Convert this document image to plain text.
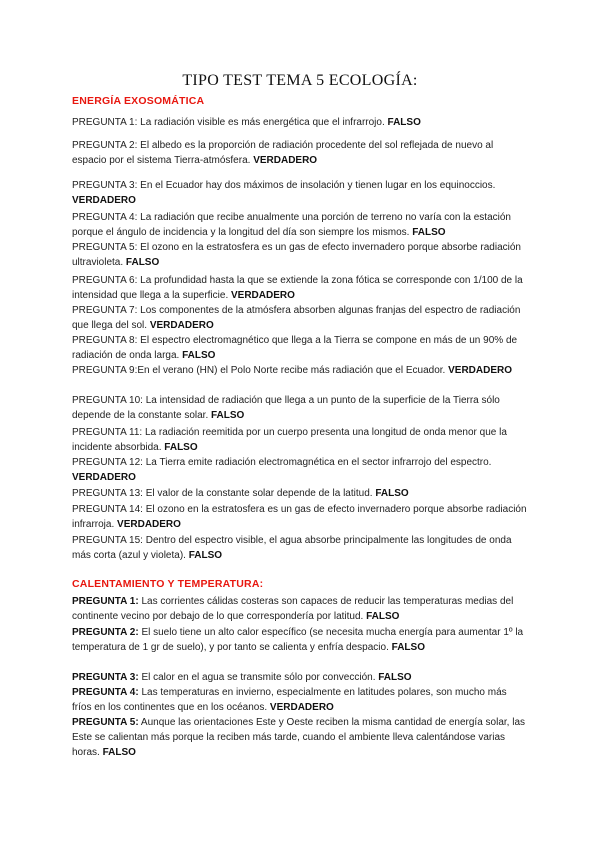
TIPO TEST TEMA 5 ECOLOGÍA:
ENERGÍA EXOSOMÁTICA
PREGUNTA 1: La radiación visible es más energética que el infrarrojo. FALSO
PREGUNTA 2: El albedo es la proporción de radiación procedente del sol reflejada de nuevo al espacio por el sistema Tierra-atmósfera. VERDADERO
PREGUNTA 3: En el Ecuador hay dos máximos de insolación y tienen lugar en los equinoccios. VERDADERO
PREGUNTA 4: La radiación que recibe anualmente una porción de terreno no varía con la estación porque el ángulo de incidencia y la longitud del día son siempre los mismos. FALSO
PREGUNTA 5: El ozono en la estratosfera es un gas de efecto invernadero porque absorbe radiación ultravioleta. FALSO
PREGUNTA 6: La profundidad hasta la que se extiende la zona fótica se corresponde con 1/100 de la intensidad que llega a la superficie. VERDADERO
PREGUNTA 7: Los componentes de la atmósfera absorben algunas franjas del espectro de radiación que llega del sol. VERDADERO
PREGUNTA 8: El espectro electromagnético que llega a la Tierra se compone en más de un 90% de radiación de onda larga. FALSO
PREGUNTA 9:En el verano (HN) el Polo Norte recibe más radiación que el Ecuador. VERDADERO
PREGUNTA 10: La intensidad de radiación que llega a un punto de la superficie de la Tierra sólo depende de la constante solar. FALSO
PREGUNTA 11: La radiación reemitida por un cuerpo presenta una longitud de onda menor que la incidente absorbida. FALSO
PREGUNTA 12: La Tierra emite radiación electromagnética en el sector infrarrojo del espectro. VERDADERO
PREGUNTA 13: El valor de la constante solar depende de la latitud. FALSO
PREGUNTA 14: El ozono en la estratosfera es un gas de efecto invernadero porque absorbe radiación infrarroja. VERDADERO
PREGUNTA 15: Dentro del espectro visible, el agua absorbe principalmente las longitudes de onda más corta (azul y violeta). FALSO
CALENTAMIENTO Y TEMPERATURA:
PREGUNTA 1: Las corrientes cálidas costeras son capaces de reducir las temperaturas medias del continente vecino por debajo de lo que correspondería por latitud. FALSO
PREGUNTA 2: El suelo tiene un alto calor específico (se necesita mucha energía para aumentar 1º la temperatura de 1 gr de suelo), y por tanto se calienta y enfría despacio. FALSO
PREGUNTA 3: El calor en el agua se transmite sólo por convección. FALSO
PREGUNTA 4: Las temperaturas en invierno, especialmente en latitudes polares, son mucho más fríos en los continentes que en los océanos. VERDADERO
PREGUNTA 5: Aunque las orientaciones Este y Oeste reciben la misma cantidad de energía solar, las Este se calientan más porque la reciben más tarde, cuando el ambiente lleva calentándose varias horas. FALSO
